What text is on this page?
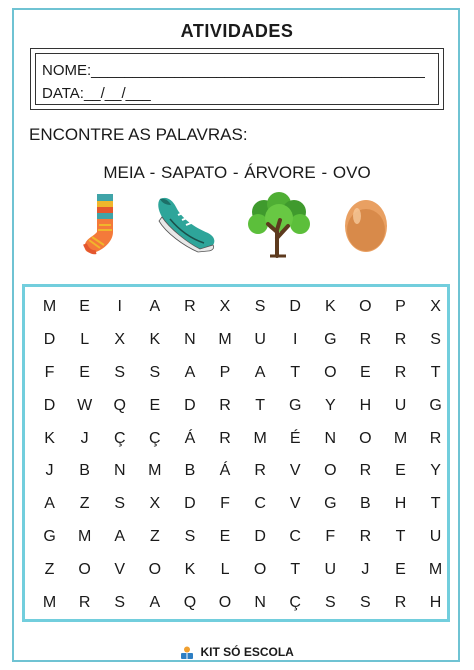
ATIVIDADES
NOME:________________________________________
DATA:__/__/___
ENCONTRE AS PALAVRAS:
MEIA - SAPATO - ÁRVORE - OVO
M	E	I	A	R	X	S	D	K	O	P	X
D	L	X	K	N	M	U	I	G	R	R	S
F	E	S	S	A	P	A	T	O	E	R	T
D	W	Q	E	D	R	T	G	Y	H	U	G
K	J	Ç	Ç	Á	R	M	É	N	O	M	R
J	B	N	M	B	Á	R	V	O	R	E	Y
A	Z	S	X	D	F	C	V	G	B	H	T
G	M	A	Z	S	E	D	C	F	R	T	U
Z	O	V	O	K	L	O	T	U	J	E	M
M	R	S	A	Q	O	N	Ç	S	S	R	H
KIT SÓ ESCOLA
